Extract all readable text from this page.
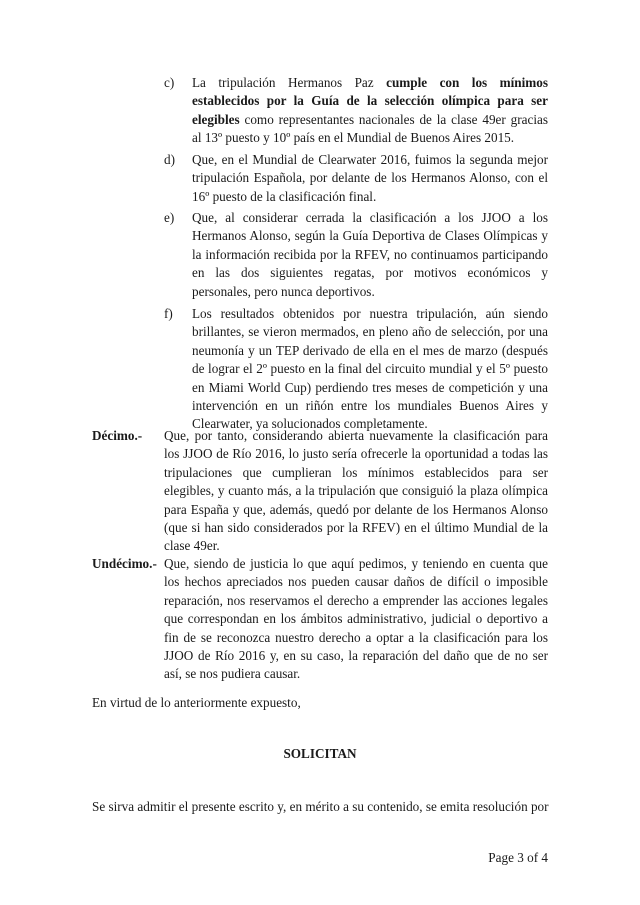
c) La tripulación Hermanos Paz cumple con los mínimos establecidos por la Guía de la selección olímpica para ser elegibles como representantes nacionales de la clase 49er gracias al 13º puesto y 10º país en el Mundial de Buenos Aires 2015.

d) Que, en el Mundial de Clearwater 2016, fuimos la segunda mejor tripulación Española, por delante de los Hermanos Alonso, con el 16º puesto de la clasificación final.

e) Que, al considerar cerrada la clasificación a los JJOO a los Hermanos Alonso, según la Guía Deportiva de Clases Olímpicas y la información recibida por la RFEV, no continuamos participando en las dos siguientes regatas, por motivos económicos y personales, pero nunca deportivos.

f) Los resultados obtenidos por nuestra tripulación, aún siendo brillantes, se vieron mermados, en pleno año de selección, por una neumonía y un TEP derivado de ella en el mes de marzo (después de lograr el 2º puesto en la final del circuito mundial y el 5º puesto en Miami World Cup) perdiendo tres meses de competición y una intervención en un riñón entre los mundiales Buenos Aires y Clearwater, ya solucionados completamente.

Décimo.- Que, por tanto, considerando abierta nuevamente la clasificación para los JJOO de Río 2016, lo justo sería ofrecerle la oportunidad a todas las tripulaciones que cumplieran los mínimos establecidos para ser elegibles, y cuanto más, a la tripulación que consiguió la plaza olímpica para España y que, además, quedó por delante de los Hermanos Alonso (que si han sido considerados por la RFEV) en el último Mundial de la clase 49er.

Undécimo.- Que, siendo de justicia lo que aquí pedimos, y teniendo en cuenta que los hechos apreciados nos pueden causar daños de difícil o imposible reparación, nos reservamos el derecho a emprender las acciones legales que correspondan en los ámbitos administrativo, judicial o deportivo a fin de se reconozca nuestro derecho a optar a la clasificación para los JJOO de Río 2016 y, en su caso, la reparación del daño que de no ser así, se nos pudiera causar.

En virtud de lo anteriormente expuesto,
SOLICITAN
Se sirva admitir el presente escrito y, en mérito a su contenido, se emita resolución por
Page 3 of 4
